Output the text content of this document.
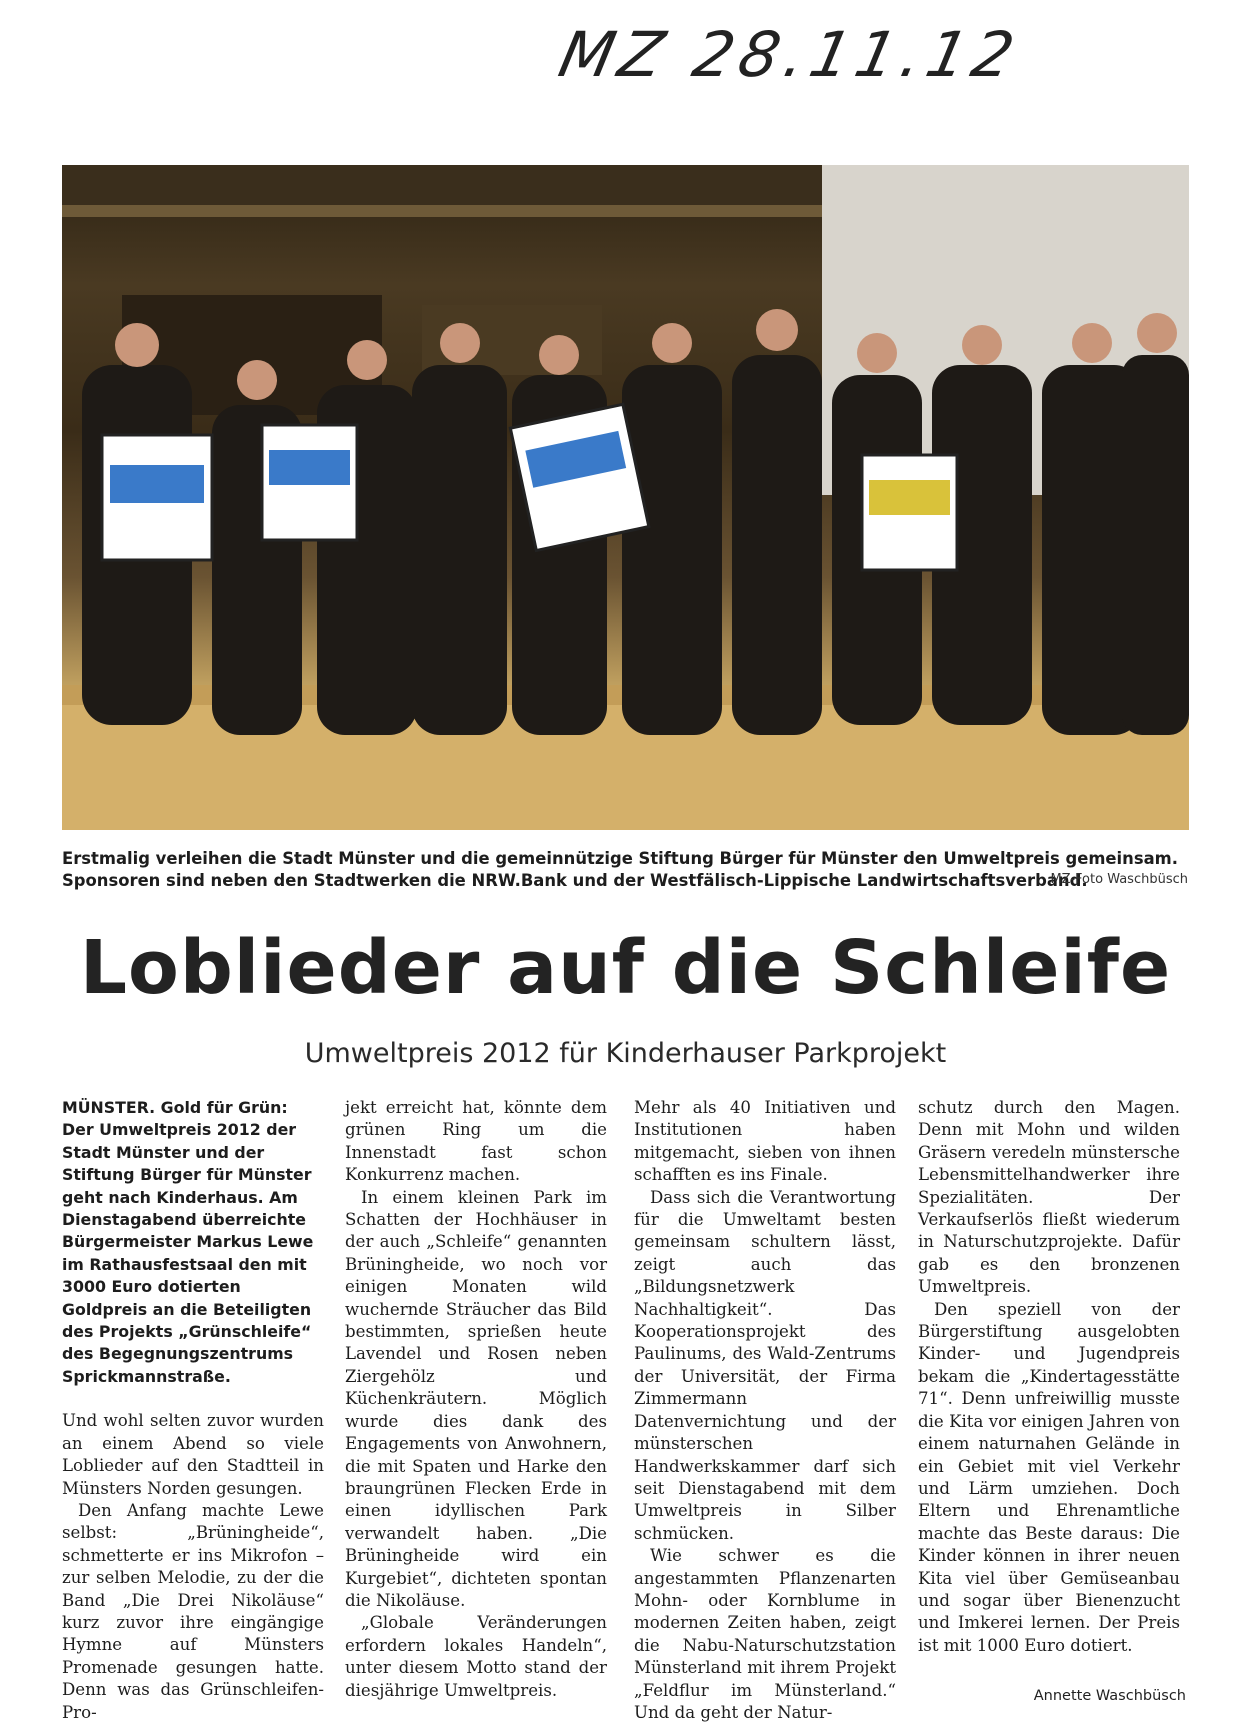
MZ 28.11.12
Erstmalig verleihen die Stadt Münster und die gemeinnützige Stiftung Bürger für Münster den Umweltpreis gemeinsam. Sponsoren sind neben den Stadtwerken die NRW.Bank und der Westfälisch-Lippische Landwirtschaftsverband.
MZ-Foto Waschbüsch
Loblieder auf die Schleife
Umweltpreis 2012 für Kinderhauser Parkprojekt

MÜNSTER. Gold für Grün: Der Umweltpreis 2012 der Stadt Münster und der Stiftung Bürger für Münster geht nach Kinderhaus. Am Dienstagabend überreichte Bürgermeister Markus Lewe im Rathausfestsaal den mit 3000 Euro dotierten Goldpreis an die Beteiligten des Projekts „Grünschleife“ des Begegnungszentrums Sprickmannstraße.

Und wohl selten zuvor wurden an einem Abend so viele Loblieder auf den Stadtteil in Münsters Norden gesungen.

Den Anfang machte Lewe selbst: „Brüningheide“, schmetterte er ins Mikrofon – zur selben Melodie, zu der die Band „Die Drei Nikoläuse“ kurz zuvor ihre eingängige Hymne auf Münsters Promenade gesungen hatte. Denn was das Grünschleifen-Pro-

jekt erreicht hat, könnte dem grünen Ring um die Innenstadt fast schon Konkurrenz machen.

In einem kleinen Park im Schatten der Hochhäuser in der auch „Schleife“ genannten Brüningheide, wo noch vor einigen Monaten wild wuchernde Sträucher das Bild bestimmten, sprießen heute Lavendel und Rosen neben Ziergehölz und Küchenkräutern. Möglich wurde dies dank des Engagements von Anwohnern, die mit Spaten und Harke den braungrünen Flecken Erde in einen idyllischen Park verwandelt haben. „Die Brüningheide wird ein Kurgebiet“, dichteten spontan die Nikoläuse.

„Globale Veränderungen erfordern lokales Handeln“, unter diesem Motto stand der diesjährige Umweltpreis.

Mehr als 40 Initiativen und Institutionen haben mitgemacht, sieben von ihnen schafften es ins Finale.

Dass sich die Verantwortung für die Umweltamt besten gemeinsam schultern lässt, zeigt auch das „Bildungsnetzwerk Nachhaltigkeit“. Das Kooperationsprojekt des Paulinums, des Wald-Zentrums der Universität, der Firma Zimmermann Datenvernichtung und der münsterschen Handwerkskammer darf sich seit Dienstagabend mit dem Umweltpreis in Silber schmücken.

Wie schwer es die angestammten Pflanzenarten Mohn- oder Kornblume in modernen Zeiten haben, zeigt die Nabu-Naturschutzstation Münsterland mit ihrem Projekt „Feldflur im Münsterland.“ Und da geht der Natur-

schutz durch den Magen. Denn mit Mohn und wilden Gräsern veredeln münstersche Lebensmittelhandwerker ihre Spezialitäten. Der Verkaufserlös fließt wiederum in Naturschutzprojekte. Dafür gab es den bronzenen Umweltpreis.

Den speziell von der Bürgerstiftung ausgelobten Kinder- und Jugendpreis bekam die „Kindertagesstätte 71“. Denn unfreiwillig musste die Kita vor einigen Jahren von einem naturnahen Gelände in ein Gebiet mit viel Verkehr und Lärm umziehen. Doch Eltern und Ehrenamtliche machte das Beste daraus: Die Kinder können in ihrer neuen Kita viel über Gemüseanbau und sogar über Bienenzucht und Imkerei lernen. Der Preis ist mit 1000 Euro dotiert.

Annette Waschbüsch
